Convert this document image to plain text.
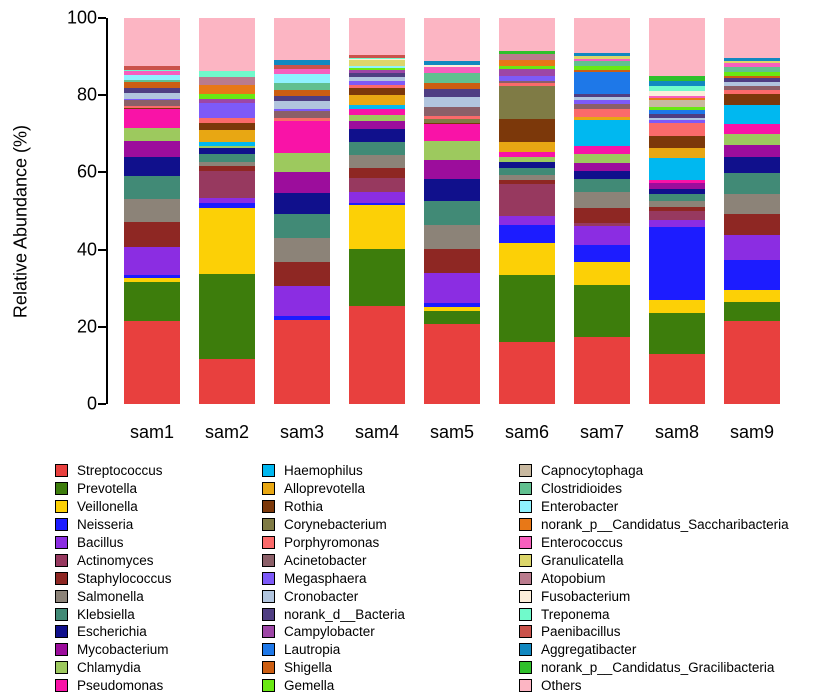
Relative Abundance (%)
0
20
40
60
80
100
sam1	sam2	sam3	sam4	sam5	sam6	sam7	sam8	sam9
Streptococcus
Prevotella
Veillonella
Neisseria
Bacillus
Actinomyces
Staphylococcus
Salmonella
Klebsiella
Escherichia
Mycobacterium
Chlamydia
Pseudomonas
Haemophilus
Alloprevotella
Rothia
Corynebacterium
Porphyromonas
Acinetobacter
Megasphaera
Cronobacter
norank_d__Bacteria
Campylobacter
Lautropia
Shigella
Gemella
Capnocytophaga
Clostridioides
Enterobacter
norank_p__Candidatus_Saccharibacteria
Enterococcus
Granulicatella
Atopobium
Fusobacterium
Treponema
Paenibacillus
Aggregatibacter
norank_p__Candidatus_Gracilibacteria
Others
